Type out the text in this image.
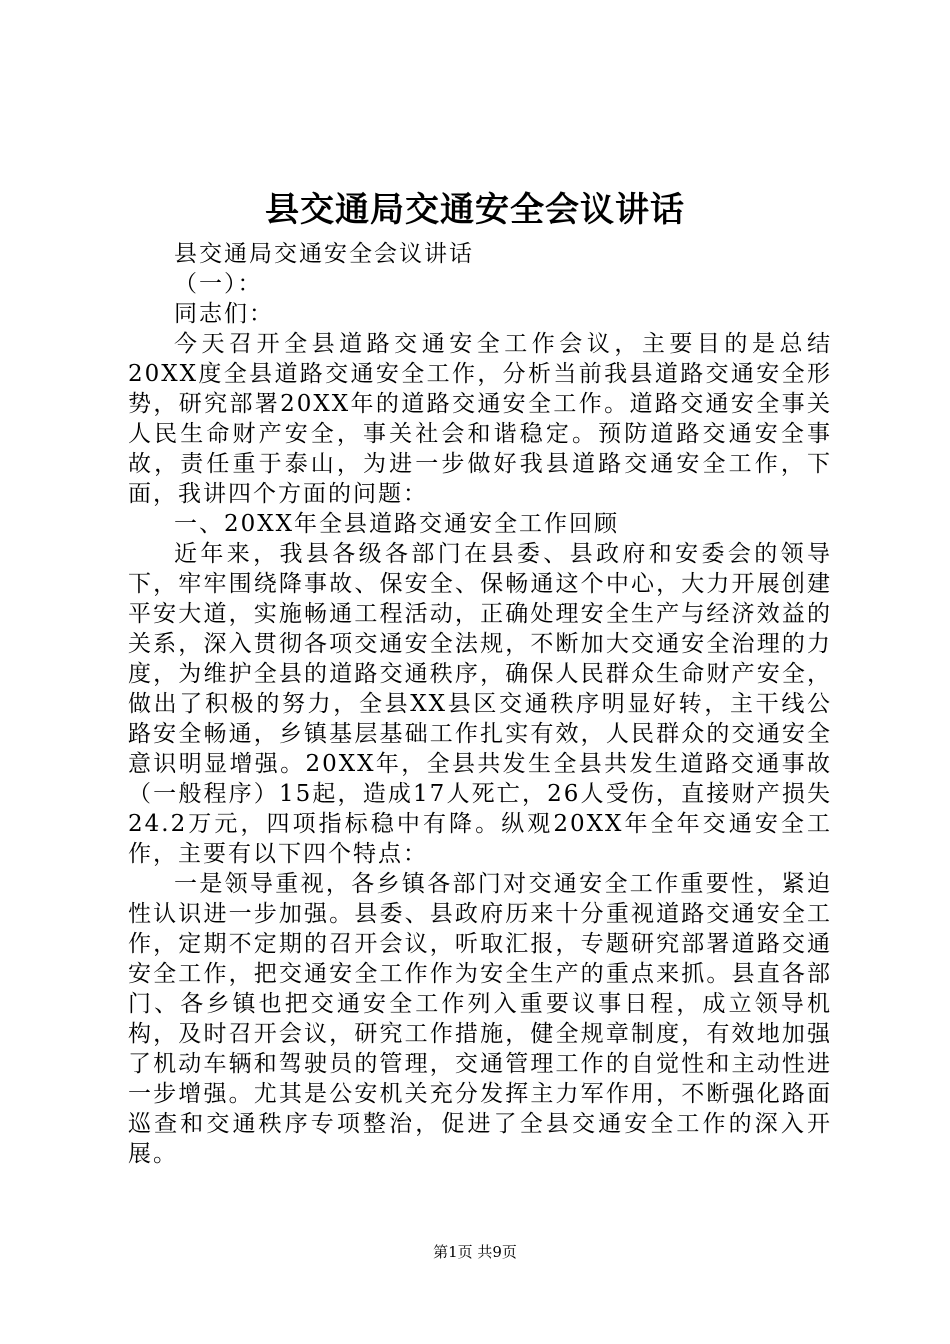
县交通局交通安全会议讲话

县交通局交通安全会议讲话

（一）：

同志们：

今天召开全县道路交通安全工作会议，主要目的是总结20XX度全县道路交通安全工作，分析当前我县道路交通安全形势，研究部署20XX年的道路交通安全工作。道路交通安全事关人民生命财产安全，事关社会和谐稳定。预防道路交通安全事故，责任重于泰山，为进一步做好我县道路交通安全工作，下面，我讲四个方面的问题：

一、20XX年全县道路交通安全工作回顾

近年来，我县各级各部门在县委、县政府和安委会的领导下，牢牢围绕降事故、保安全、保畅通这个中心，大力开展创建平安大道，实施畅通工程活动，正确处理安全生产与经济效益的关系，深入贯彻各项交通安全法规，不断加大交通安全治理的力度，为维护全县的道路交通秩序，确保人民群众生命财产安全，做出了积极的努力，全县XX县区交通秩序明显好转，主干线公路安全畅通，乡镇基层基础工作扎实有效，人民群众的交通安全意识明显增强。20XX年，全县共发生全县共发生道路交通事故（一般程序）15起，造成17人死亡，26人受伤，直接财产损失24.2万元，四项指标稳中有降。纵观20XX年全年交通安全工作，主要有以下四个特点：

一是领导重视，各乡镇各部门对交通安全工作重要性，紧迫性认识进一步加强。县委、县政府历来十分重视道路交通安全工作，定期不定期的召开会议，听取汇报，专题研究部署道路交通安全工作，把交通安全工作作为安全生产的重点来抓。县直各部门、各乡镇也把交通安全工作列入重要议事日程，成立领导机构，及时召开会议，研究工作措施，健全规章制度，有效地加强了机动车辆和驾驶员的管理，交通管理工作的自觉性和主动性进一步增强。尤其是公安机关充分发挥主力军作用，不断强化路面巡查和交通秩序专项整治，促进了全县交通安全工作的深入开展。

第1页 共9页
